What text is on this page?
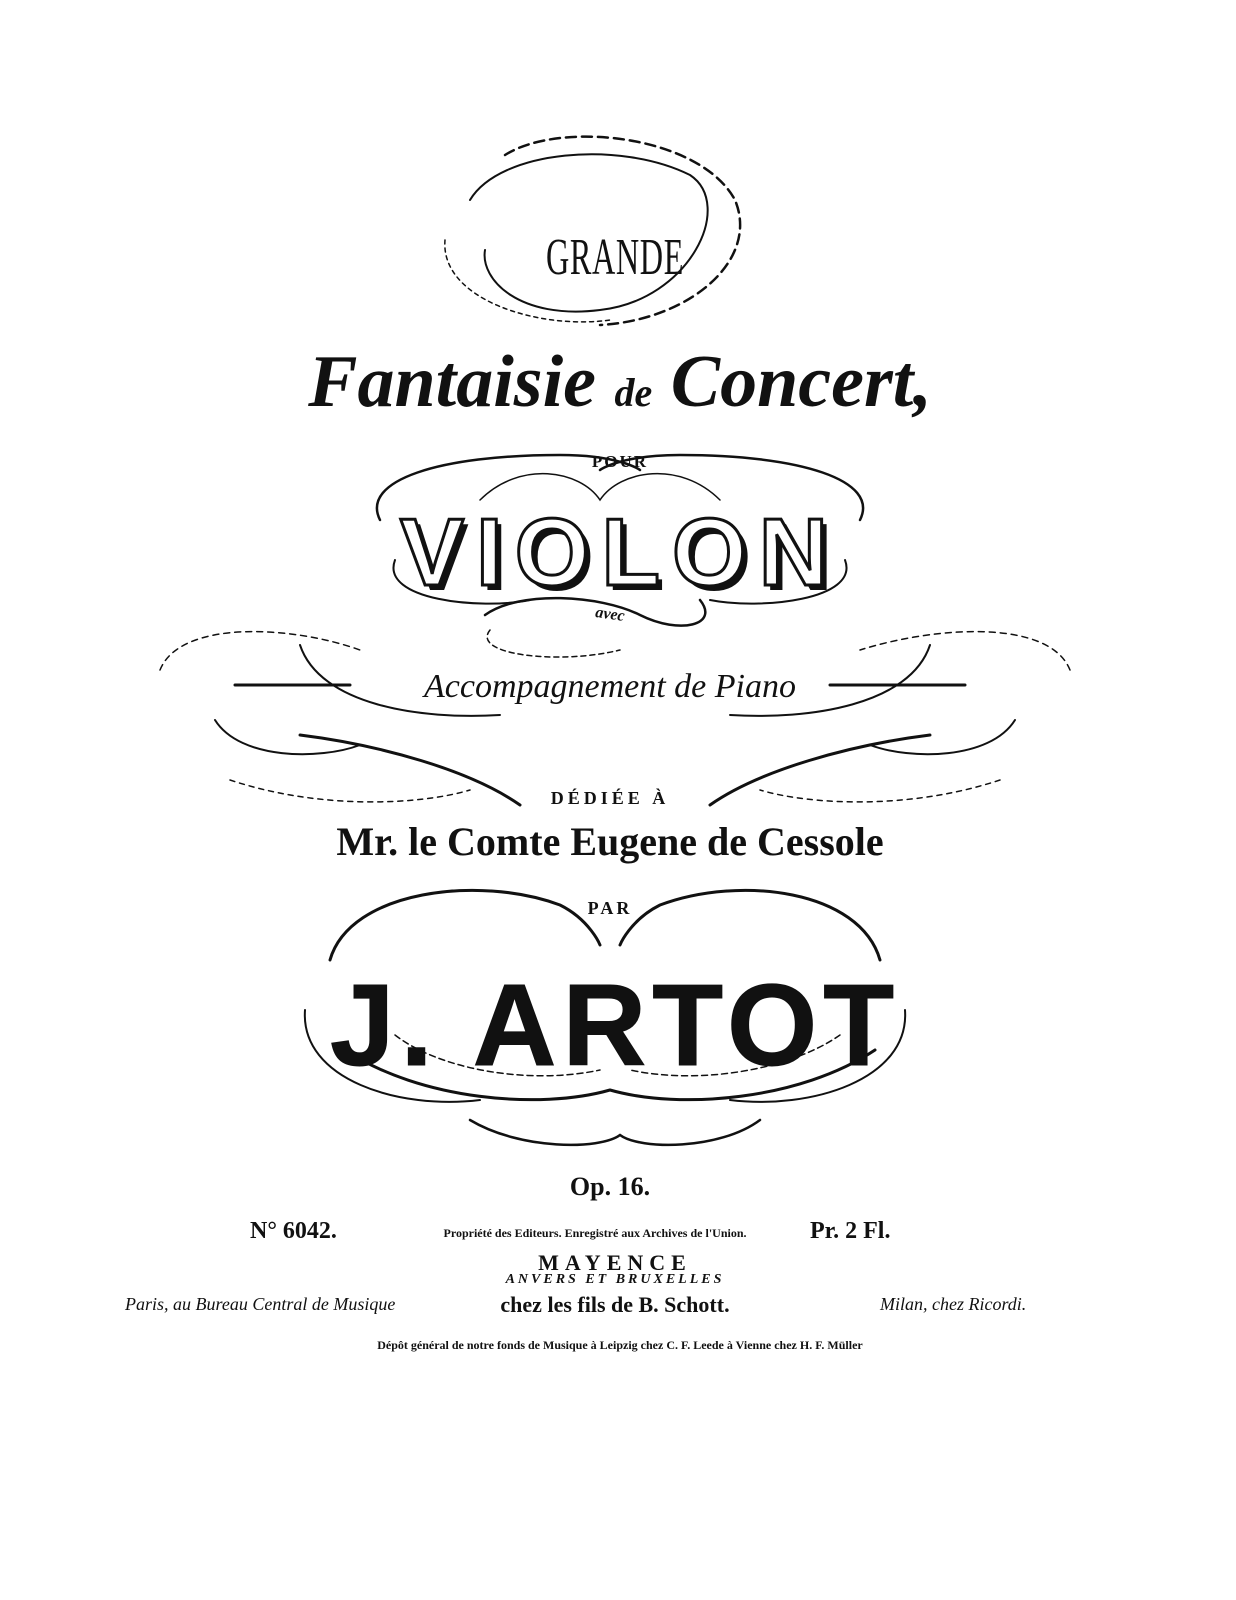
GRANDE
Fantaisie de Concert,
POUR
VIOLON
avec
Accompagnement de Piano
DÉDIÉE À
Mr. le Comte Eugene de Cessole
PAR
J. ARTOT
Op. 16.
N° 6042.	Propriété des Editeurs. Enregistré aux Archives de l'Union.	Pr. 2 Fl.
MAYENCE
ANVERS ET BRUXELLES
Paris, au Bureau Central de Musique	chez les fils de B. Schott.	Milan, chez Ricordi.
Dépôt général de notre fonds de Musique à Leipzig chez C. F. Leede à Vienne chez H. F. Müller
